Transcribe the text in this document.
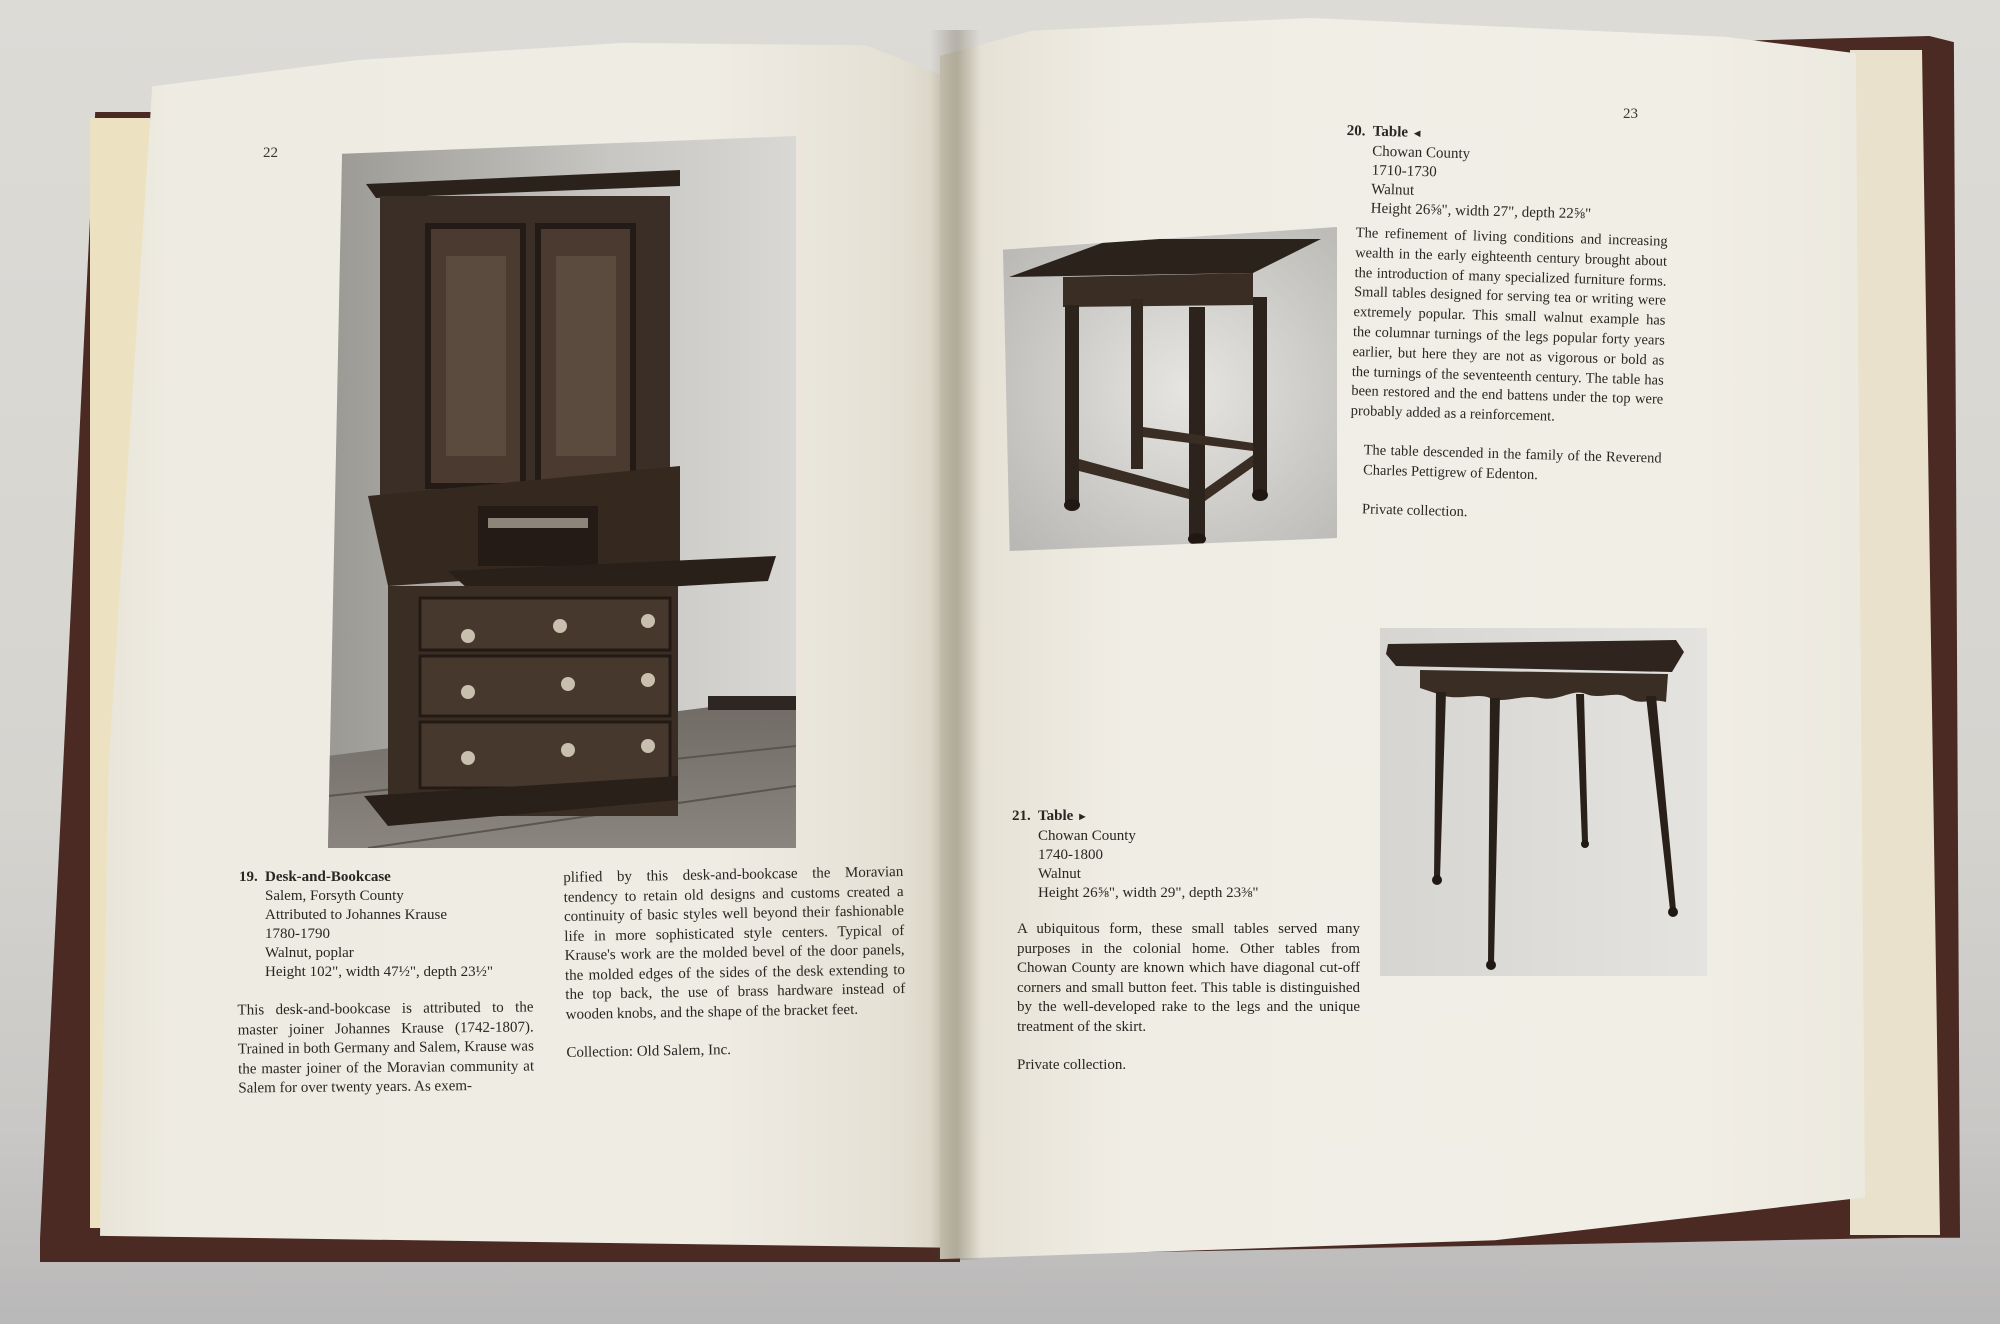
22
19. Desk-and-Bookcase
Salem, Forsyth County
Attributed to Johannes Krause
1780-1790
Walnut, poplar
Height 102", width 47½", depth 23½"

This desk-and-bookcase is attributed to the master joiner Johannes Krause (1742-1807). Trained in both Germany and Salem, Krause was the master joiner of the Moravian community at Salem for over twenty years. As exem-

plified by this desk-and-bookcase the Moravian tendency to retain old designs and customs created a continuity of basic styles well beyond their fashionable life in more sophisticated style centers. Typical of Krause's work are the molded bevel of the door panels, the molded edges of the sides of the desk extending to the top back, the use of brass hardware instead of wooden knobs, and the shape of the bracket feet.

Collection: Old Salem, Inc.

23
20. Table ◄
Chowan County
1710-1730
Walnut
Height 26⅝", width 27", depth 22⅝"

The refinement of living conditions and increasing wealth in the early eighteenth century brought about the introduction of many specialized furniture forms. Small tables designed for serving tea or writing were extremely popular. This small walnut example has the columnar turnings of the legs popular forty years earlier, but here they are not as vigorous or bold as the turnings of the seventeenth century. The table has been restored and the end battens under the top were probably added as a reinforcement.

The table descended in the family of the Reverend Charles Pettigrew of Edenton.

Private collection.

21. Table ►
Chowan County
1740-1800
Walnut
Height 26⅝", width 29", depth 23⅜"

A ubiquitous form, these small tables served many purposes in the colonial home. Other tables from Chowan County are known which have diagonal cut-off corners and small button feet. This table is distinguished by the well-developed rake to the legs and the unique treatment of the skirt.

Private collection.
